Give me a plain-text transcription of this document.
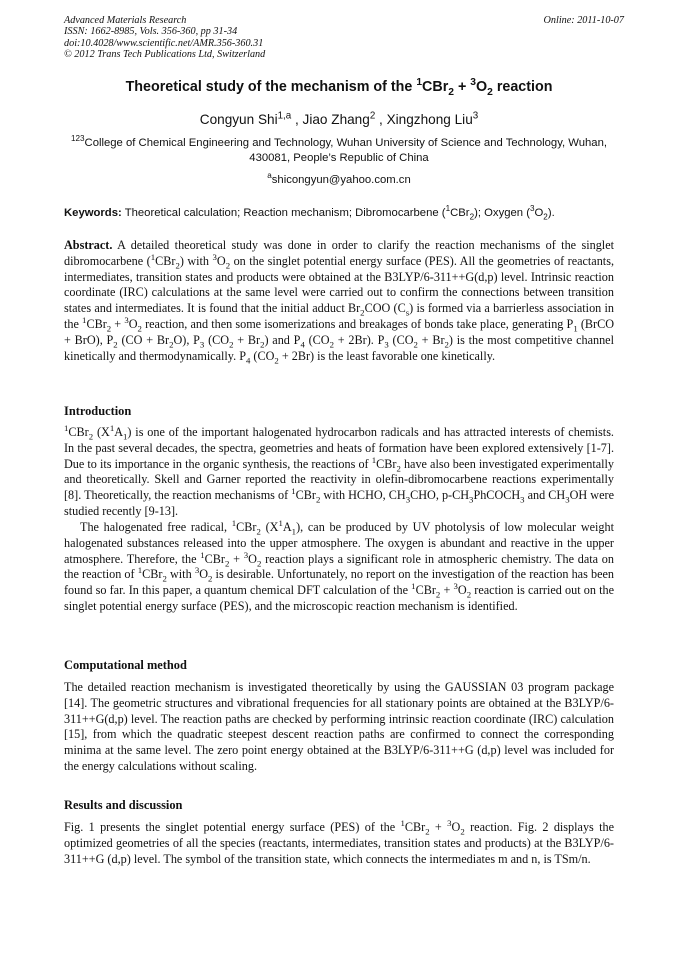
Advanced Materials Research
ISSN: 1662-8985, Vols. 356-360, pp 31-34
doi:10.4028/www.scientific.net/AMR.356-360.31
© 2012 Trans Tech Publications Ltd, Switzerland
Online: 2011-10-07
Theoretical study of the mechanism of the $^1CBr_2 + ^3O_2$ reaction
Congyun Shi$^{1,a}$ , Jiao Zhang$^2$ , Xingzhong Liu$^3$
$^{123}$College of Chemical Engineering and Technology, Wuhan University of Science and Technology, Wuhan, 430081, People’s Republic of China
$^a$shicongyun@yahoo.com.cn
Keywords: Theoretical calculation; Reaction mechanism; Dibromocarbene ($^1$CBr$_2$); Oxygen $(^3O_2)$.
Abstract. A detailed theoretical study was done in order to clarify the reaction mechanisms of the singlet dibromocarbene ($^1$CBr$_2$) with $^3O_2$ on the singlet potential energy surface (PES). All the geometries of reactants, intermediates, transition states and products were obtained at the B3LYP/6-311++G(d,p) level. Intrinsic reaction coordinate (IRC) calculations at the same level were carried out to confirm the connections between transition states and intermediates. It is found that the initial adduct $Br_2COO$ $(C_s)$ is formed via a barrierless association in the $^1CBr_2 + ^3O_2$ reaction, and then some isomerizations and breakages of bonds take place, generating $P_1$ (BrCO + BrO), $P_2$ $(CO + Br_2O)$, $P_3$ $(CO_2 + Br_2)$ and $P_4$ $(CO_2 + 2Br)$. $P_3$ $(CO_2 + Br_2)$ is the most competitive channel kinetically and thermodynamically. $P_4$ $(CO_2 + 2Br)$ is the least favorable one kinetically.
Introduction
$^1$CBr$_2$ $(X^1A_1)$ is one of the important halogenated hydrocarbon radicals and has attracted interests of chemists. In the past several decades, the spectra, geometries and heats of formation have been explored extensively [1-7]. Due to its importance in the organic synthesis, the reactions of $^1$CBr$_2$ have also been investigated experimentally and theoretically. Skell and Garner reported the reactivity in olefin-dibromocarbene reactions experimentally [8]. Theoretically, the reaction mechanisms of $^1$CBr$_2$ with HCHO, $CH_3CHO$, $p-CH_3PhCOCH_3$ and $CH_3OH$ were studied recently [9-13].
The halogenated free radical, $^1$CBr$_2$ $(X^1A_1)$, can be produced by UV photolysis of low molecular weight halogenated substances released into the upper atmosphere. The oxygen is abundant and reactive in the upper atmosphere. Therefore, the $^1CBr_2 + ^3O_2$ reaction plays a significant role in atmospheric chemistry. The data on the reaction of $^1$CBr$_2$ with $^3O_2$ is desirable. Unfortunately, no report on the investigation of the reaction has been found so far. In this paper, a quantum chemical DFT calculation of the $^1CBr_2 + ^3O_2$ reaction is carried out on the singlet potential energy surface (PES), and the microscopic reaction mechanism is identified.
Computational method
The detailed reaction mechanism is investigated theoretically by using the GAUSSIAN 03 program package [14]. The geometric structures and vibrational frequencies for all stationary points are obtained at the B3LYP/6-311++G(d,p) level. The reaction paths are checked by performing intrinsic reaction coordinate (IRC) calculation [15], from which the quadratic steepest descent reaction paths are confirmed to connect the corresponding minima at the same level. The zero point energy obtained at the B3LYP/6-311++G (d,p) level was included for the energy calculations without scaling.
Results and discussion
Fig. 1 presents the singlet potential energy surface (PES) of the $^1CBr_2 + ^3O_2$ reaction. Fig. 2 displays the optimized geometries of all the species (reactants, intermediates, transition states and products) at the B3LYP/6-311++G (d,p) level. The symbol of the transition state, which connects the intermediates m and n, is TSm/n.
